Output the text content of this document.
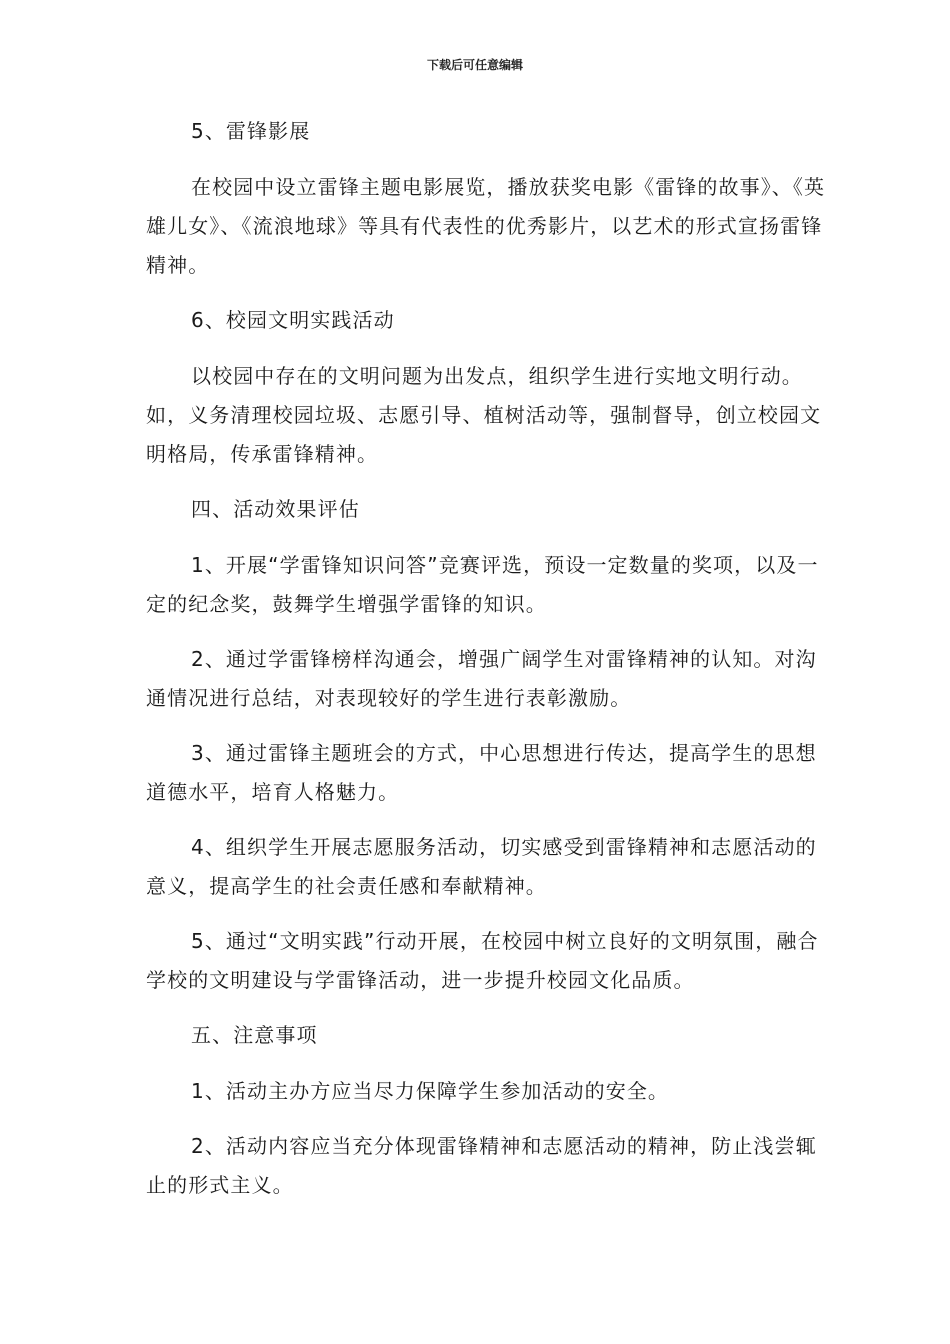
下载后可任意编辑

5、雷锋影展

在校园中设立雷锋主题电影展览，播放获奖电影《雷锋的故事》、《英雄儿女》、《流浪地球》等具有代表性的优秀影片，以艺术的形式宣扬雷锋精神。

6、校园文明实践活动

以校园中存在的文明问题为出发点，组织学生进行实地文明行动。如，义务清理校园垃圾、志愿引导、植树活动等，强制督导，创立校园文明格局，传承雷锋精神。

四、活动效果评估

1、开展“学雷锋知识问答”竞赛评选，预设一定数量的奖项，以及一定的纪念奖，鼓舞学生增强学雷锋的知识。

2、通过学雷锋榜样沟通会，增强广阔学生对雷锋精神的认知。对沟通情况进行总结，对表现较好的学生进行表彰激励。

3、通过雷锋主题班会的方式，中心思想进行传达，提高学生的思想道德水平，培育人格魅力。

4、组织学生开展志愿服务活动，切实感受到雷锋精神和志愿活动的意义，提高学生的社会责任感和奉献精神。

5、通过“文明实践”行动开展，在校园中树立良好的文明氛围，融合学校的文明建设与学雷锋活动，进一步提升校园文化品质。

五、注意事项

1、活动主办方应当尽力保障学生参加活动的安全。

2、活动内容应当充分体现雷锋精神和志愿活动的精神，防止浅尝辄止的形式主义。
